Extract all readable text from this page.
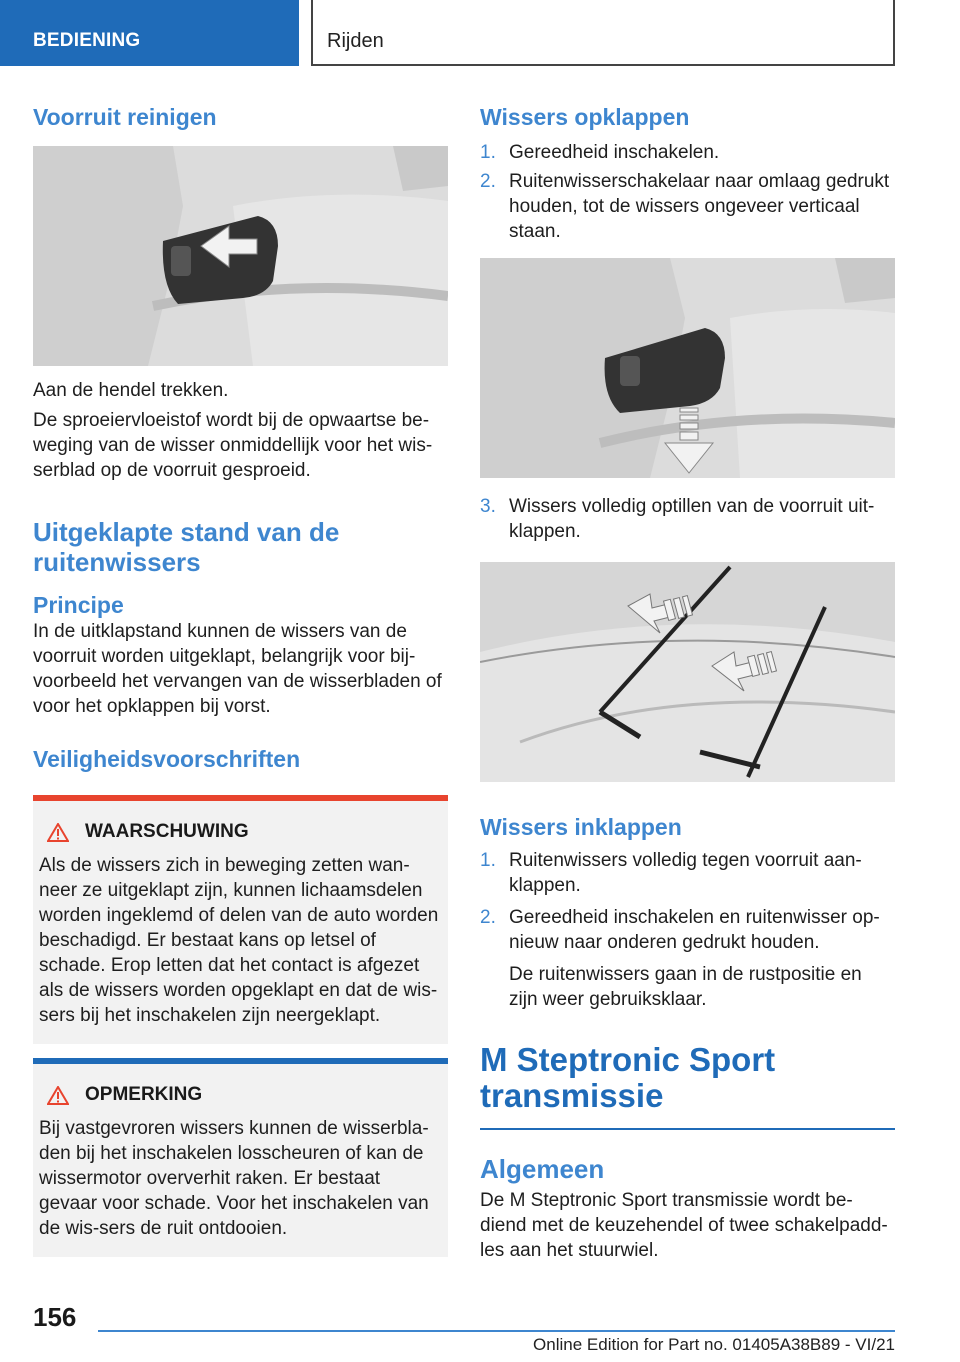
BEDIENING	Rijden
Voorruit reinigen
Aan de hendel trekken.
De sproeiervloeistof wordt bij de opwaartse be-weging van de wisser onmiddellijk voor het wis-serblad op de voorruit gesproeid.
Uitgeklapte stand van de ruitenwissers
Principe
In de uitklapstand kunnen de wissers van de voorruit worden uitgeklapt, belangrijk voor bij-voorbeeld het vervangen van de wisserbladen of voor het opklappen bij vorst.
Veiligheidsvoorschriften
WAARSCHUWING
Als de wissers zich in beweging zetten wan-neer ze uitgeklapt zijn, kunnen lichaamsdelen worden ingeklemd of delen van de auto worden beschadigd. Er bestaat kans op letsel of schade. Erop letten dat het contact is afgezet als de wissers worden opgeklapt en dat de wis-sers bij het inschakelen zijn neergeklapt.
OPMERKING
Bij vastgevroren wissers kunnen de wisserbla-den bij het inschakelen losscheuren of kan de wissermotor oververhit raken. Er bestaat gevaar voor schade. Voor het inschakelen van de wis-sers de ruit ontdooien.
Wissers opklappen
1. Gereedheid inschakelen.
2. Ruitenwisserschakelaar naar omlaag gedrukt houden, tot de wissers ongeveer verticaal staan.
3. Wissers volledig optillen van de voorruit uit-klappen.
Wissers inklappen
1. Ruitenwissers volledig tegen voorruit aan-klappen.
2. Gereedheid inschakelen en ruitenwisser op-nieuw naar onderen gedrukt houden.
De ruitenwissers gaan in de rustpositie en zijn weer gebruiksklaar.
M Steptronic Sport transmissie
Algemeen
De M Steptronic Sport transmissie wordt be-diend met de keuzehendel of twee schakelpadd-les aan het stuurwiel.
156
Online Edition for Part no. 01405A38B89 - VI/21
